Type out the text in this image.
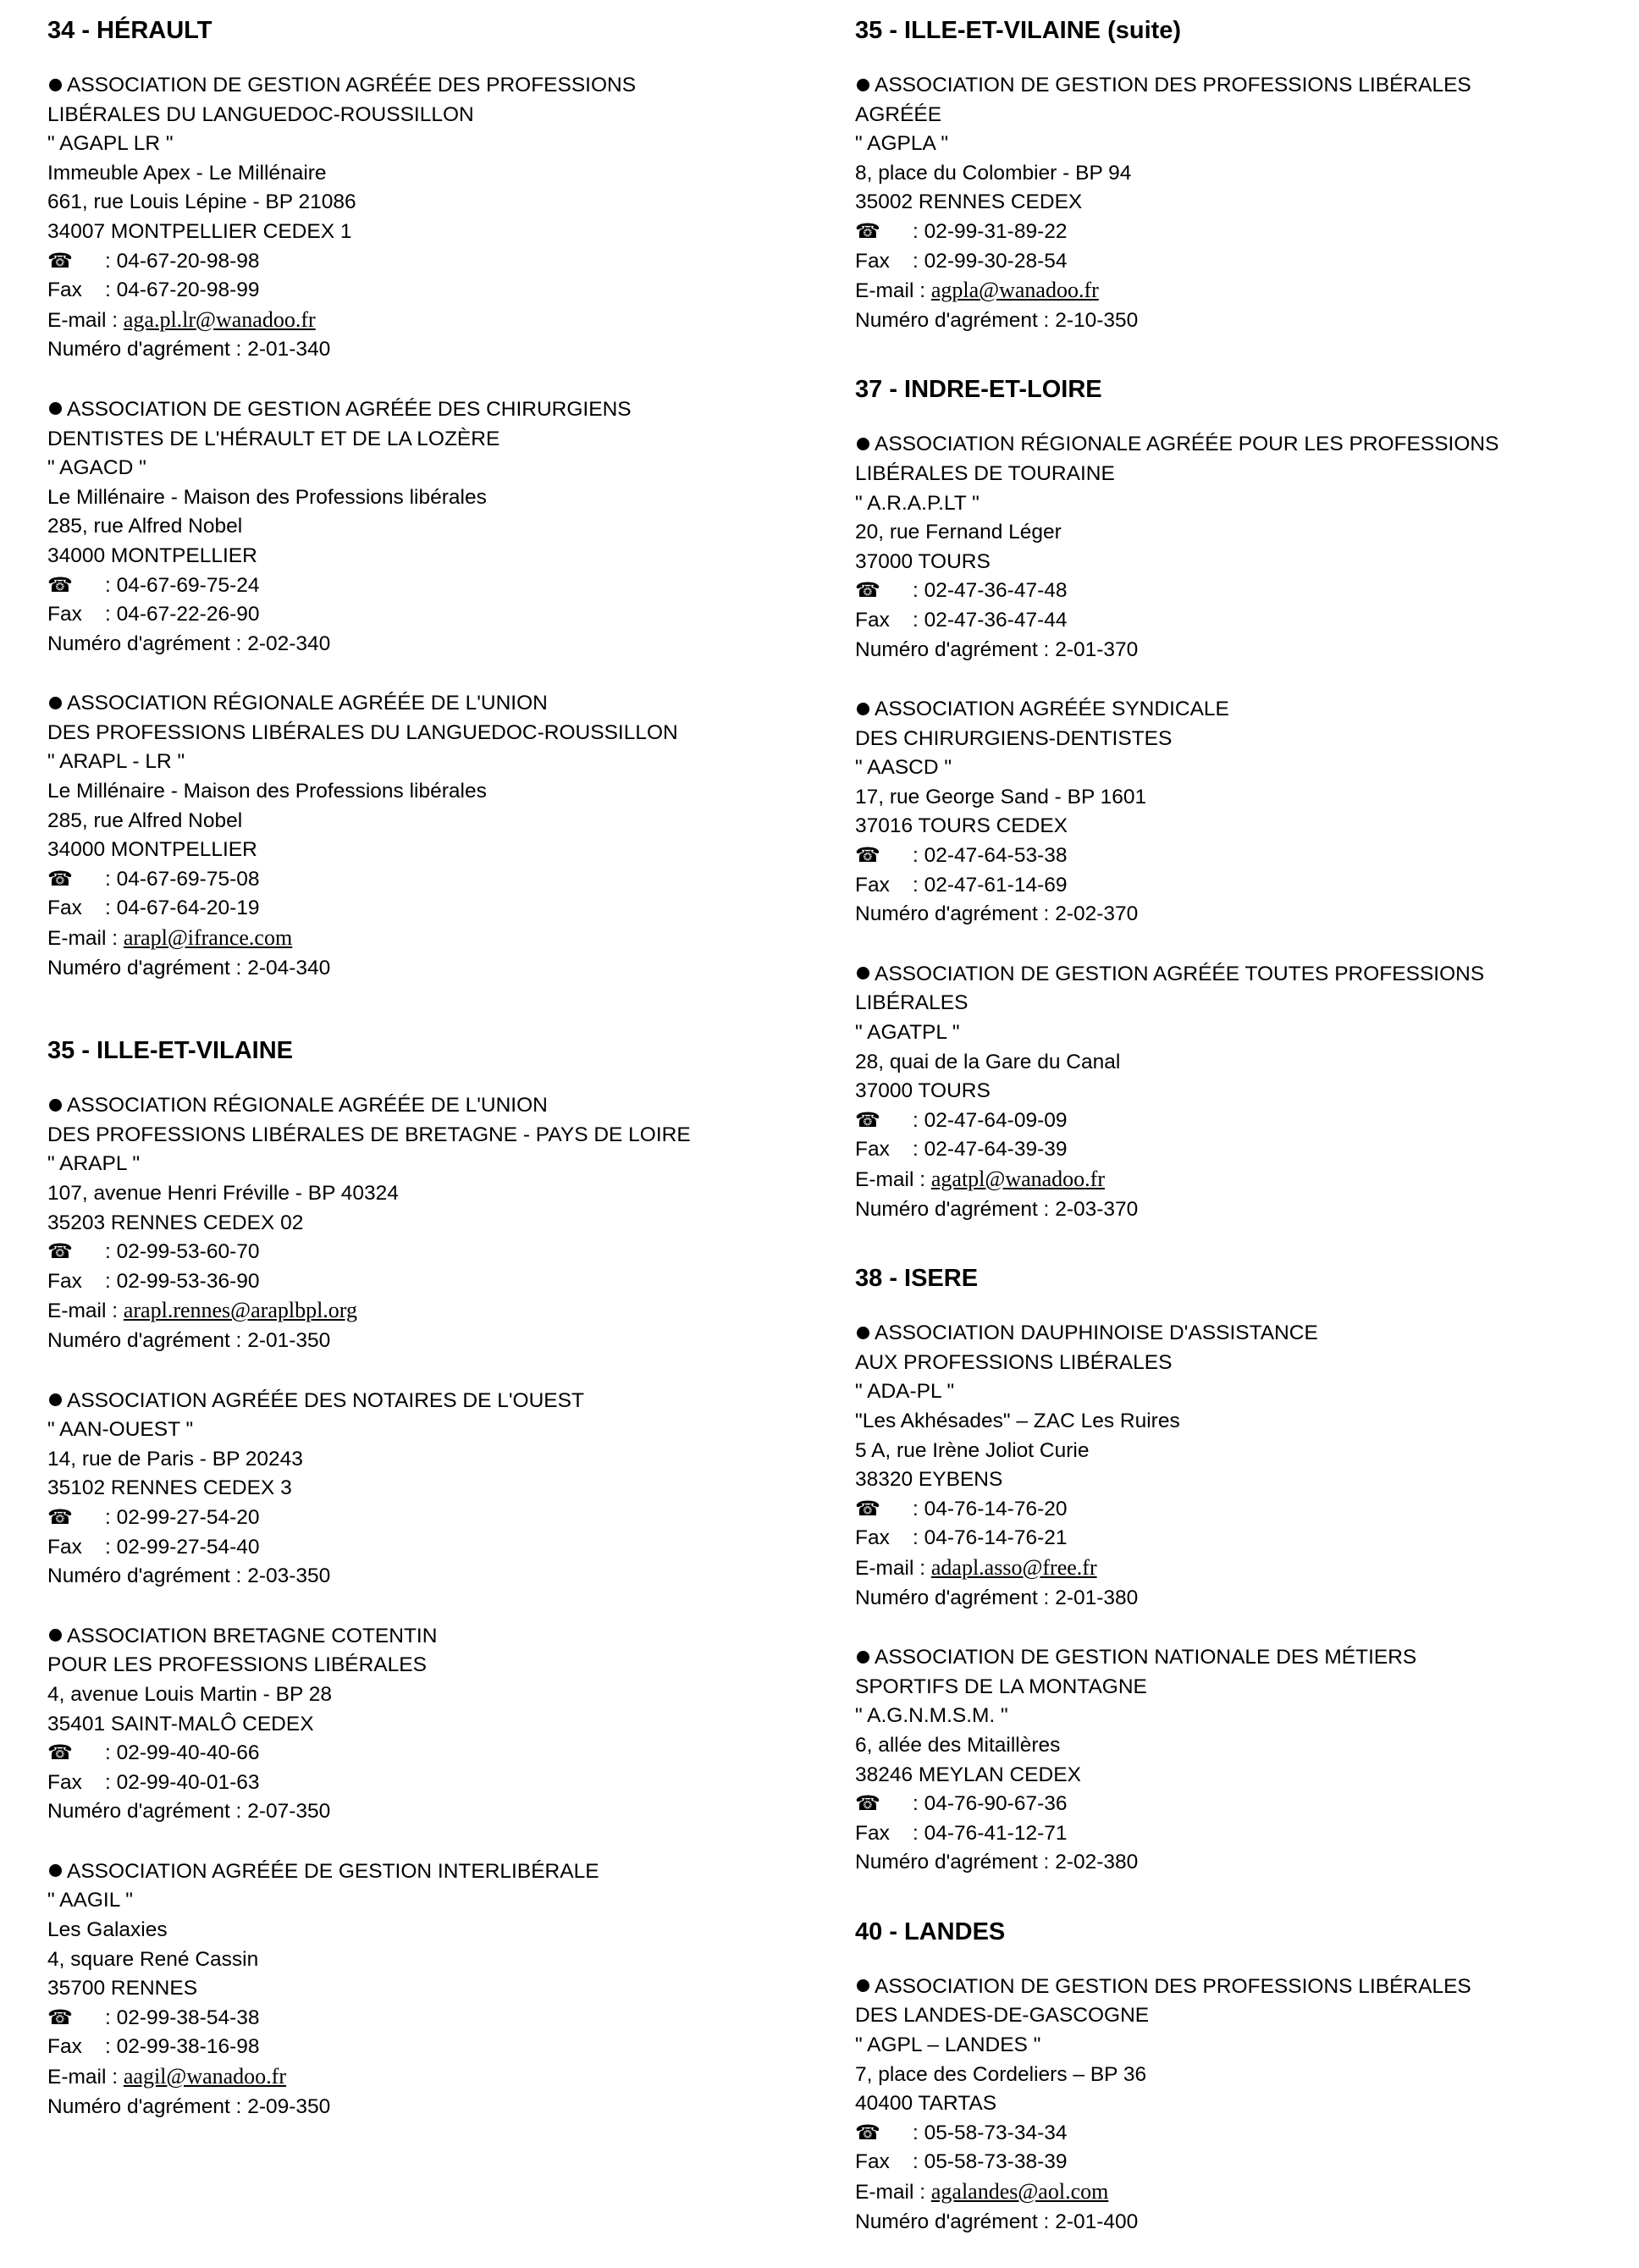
34 - HÉRAULT
ASSOCIATION DE GESTION AGRÉÉE DES PROFESSIONS
LIBÉRALES DU LANGUEDOC-ROUSSILLON
" AGAPL LR "
Immeuble Apex - Le Millénaire
661, rue Louis Lépine - BP 21086
34007 MONTPELLIER CEDEX 1
☎ : 04-67-20-98-98
Fax : 04-67-20-98-99
E-mail : aga.pl.lr@wanadoo.fr
Numéro d'agrément : 2-01-340
ASSOCIATION DE GESTION AGRÉÉE DES CHIRURGIENS
DENTISTES DE L'HÉRAULT ET DE LA LOZÈRE
" AGACD "
Le Millénaire - Maison des Professions libérales
285, rue Alfred Nobel
34000 MONTPELLIER
☎ : 04-67-69-75-24
Fax : 04-67-22-26-90
Numéro d'agrément : 2-02-340
ASSOCIATION RÉGIONALE AGRÉÉE DE L'UNION
DES PROFESSIONS LIBÉRALES DU LANGUEDOC-ROUSSILLON
" ARAPL - LR "
Le Millénaire - Maison des Professions libérales
285, rue Alfred Nobel
34000 MONTPELLIER
☎ : 04-67-69-75-08
Fax : 04-67-64-20-19
E-mail : arapl@ifrance.com
Numéro d'agrément : 2-04-340
35 - ILLE-ET-VILAINE
ASSOCIATION RÉGIONALE AGRÉÉE DE L'UNION
DES PROFESSIONS LIBÉRALES DE BRETAGNE - PAYS DE LOIRE
" ARAPL "
107, avenue Henri Fréville - BP 40324
35203 RENNES CEDEX 02
☎ : 02-99-53-60-70
Fax : 02-99-53-36-90
E-mail : arapl.rennes@araplbpl.org
Numéro d'agrément : 2-01-350
ASSOCIATION AGRÉÉE DES NOTAIRES DE L'OUEST
" AAN-OUEST "
14, rue de Paris - BP 20243
35102 RENNES CEDEX 3
☎ : 02-99-27-54-20
Fax : 02-99-27-54-40
Numéro d'agrément : 2-03-350
ASSOCIATION BRETAGNE COTENTIN
POUR LES PROFESSIONS LIBÉRALES
4, avenue Louis Martin - BP 28
35401 SAINT-MALÔ CEDEX
☎ : 02-99-40-40-66
Fax : 02-99-40-01-63
Numéro d'agrément : 2-07-350
ASSOCIATION AGRÉÉE DE GESTION INTERLIBÉRALE
" AAGIL "
Les Galaxies
4, square René Cassin
35700 RENNES
☎ : 02-99-38-54-38
Fax : 02-99-38-16-98
E-mail : aagil@wanadoo.fr
Numéro d'agrément : 2-09-350
35 - ILLE-ET-VILAINE (suite)
ASSOCIATION DE GESTION DES PROFESSIONS LIBÉRALES
AGRÉÉE
" AGPLA "
8, place du Colombier - BP 94
35002 RENNES CEDEX
☎ : 02-99-31-89-22
Fax : 02-99-30-28-54
E-mail : agpla@wanadoo.fr
Numéro d'agrément : 2-10-350
37 - INDRE-ET-LOIRE
ASSOCIATION RÉGIONALE AGRÉÉE POUR LES PROFESSIONS
LIBÉRALES DE TOURAINE
" A.R.A.P.LT "
20, rue Fernand Léger
37000 TOURS
☎ : 02-47-36-47-48
Fax : 02-47-36-47-44
Numéro d'agrément : 2-01-370
ASSOCIATION AGRÉÉE SYNDICALE
DES CHIRURGIENS-DENTISTES
" AASCD "
17, rue George Sand - BP 1601
37016 TOURS CEDEX
☎ : 02-47-64-53-38
Fax : 02-47-61-14-69
Numéro d'agrément : 2-02-370
ASSOCIATION DE GESTION AGRÉÉE TOUTES PROFESSIONS
LIBÉRALES
" AGATPL "
28, quai de la Gare du Canal
37000 TOURS
☎ : 02-47-64-09-09
Fax : 02-47-64-39-39
E-mail : agatpl@wanadoo.fr
Numéro d'agrément : 2-03-370
38 - ISERE
ASSOCIATION DAUPHINOISE D'ASSISTANCE
AUX PROFESSIONS LIBÉRALES
" ADA-PL "
"Les Akhésades" – ZAC Les Ruires
5 A, rue Irène Joliot Curie
38320 EYBENS
☎ : 04-76-14-76-20
Fax : 04-76-14-76-21
E-mail : adapl.asso@free.fr
Numéro d'agrément : 2-01-380
ASSOCIATION DE GESTION NATIONALE DES MÉTIERS
SPORTIFS DE LA MONTAGNE
" A.G.N.M.S.M. "
6, allée des Mitaillères
38246 MEYLAN CEDEX
☎ : 04-76-90-67-36
Fax : 04-76-41-12-71
Numéro d'agrément : 2-02-380
40 - LANDES
ASSOCIATION DE GESTION DES PROFESSIONS LIBÉRALES
DES LANDES-DE-GASCOGNE
" AGPL – LANDES "
7, place des Cordeliers – BP 36
40400 TARTAS
☎ : 05-58-73-34-34
Fax : 05-58-73-38-39
E-mail : agalandes@aol.com
Numéro d'agrément : 2-01-400
